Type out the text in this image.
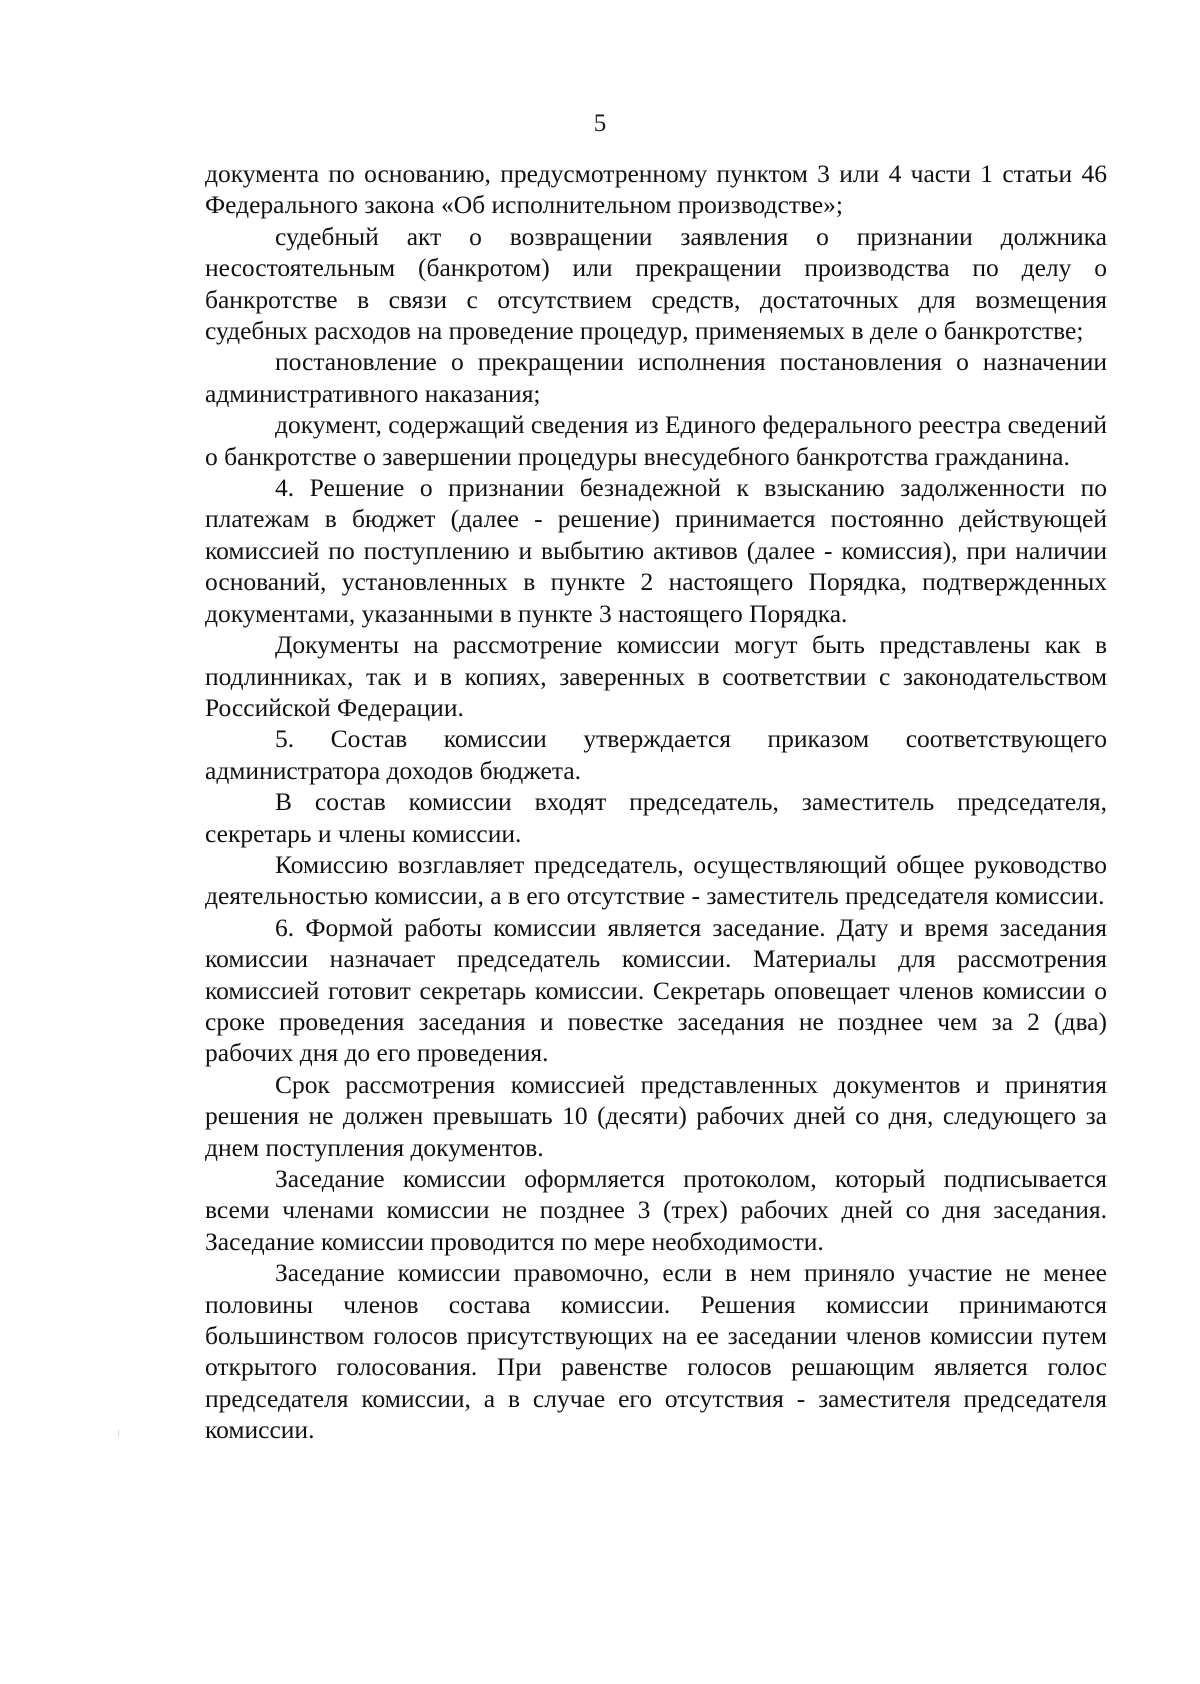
5

документа по основанию, предусмотренному пунктом 3 или 4 части 1 статьи 46 Федерального закона «Об исполнительном производстве»;

судебный акт о возвращении заявления о признании должника несостоятельным (банкротом) или прекращении производства по делу о банкротстве в связи с отсутствием средств, достаточных для возмещения судебных расходов на проведение процедур, применяемых в деле о банкротстве;

постановление о прекращении исполнения постановления о назначении административного наказания;

документ, содержащий сведения из Единого федерального реестра сведений о банкротстве о завершении процедуры внесудебного банкротства гражданина.

4. Решение о признании безнадежной к взысканию задолженности по платежам в бюджет (далее - решение) принимается постоянно действующей комиссией по поступлению и выбытию активов (далее - комиссия), при наличии оснований, установленных в пункте 2 настоящего Порядка, подтвержденных документами, указанными в пункте 3 настоящего Порядка.

Документы на рассмотрение комиссии могут быть представлены как в подлинниках, так и в копиях, заверенных в соответствии с законодательством Российской Федерации.

5. Состав комиссии утверждается приказом соответствующего администратора доходов бюджета.

В состав комиссии входят председатель, заместитель председателя, секретарь и члены комиссии.

Комиссию возглавляет председатель, осуществляющий общее руководство деятельностью комиссии, а в его отсутствие - заместитель председателя комиссии.

6. Формой работы комиссии является заседание. Дату и время заседания комиссии назначает председатель комиссии. Материалы для рассмотрения комиссией готовит секретарь комиссии. Секретарь оповещает членов комиссии о сроке проведения заседания и повестке заседания не позднее чем за 2 (два) рабочих дня до его проведения.

Срок рассмотрения комиссией представленных документов и принятия решения не должен превышать 10 (десяти) рабочих дней со дня, следующего за днем поступления документов.

Заседание комиссии оформляется протоколом, который подписывается всеми членами комиссии не позднее 3 (трех) рабочих дней со дня заседания. Заседание комиссии проводится по мере необходимости.

Заседание комиссии правомочно, если в нем приняло участие не менее половины членов состава комиссии. Решения комиссии принимаются большинством голосов присутствующих на ее заседании членов комиссии путем открытого голосования. При равенстве голосов решающим является голос председателя комиссии, а в случае его отсутствия - заместителя председателя комиссии.
